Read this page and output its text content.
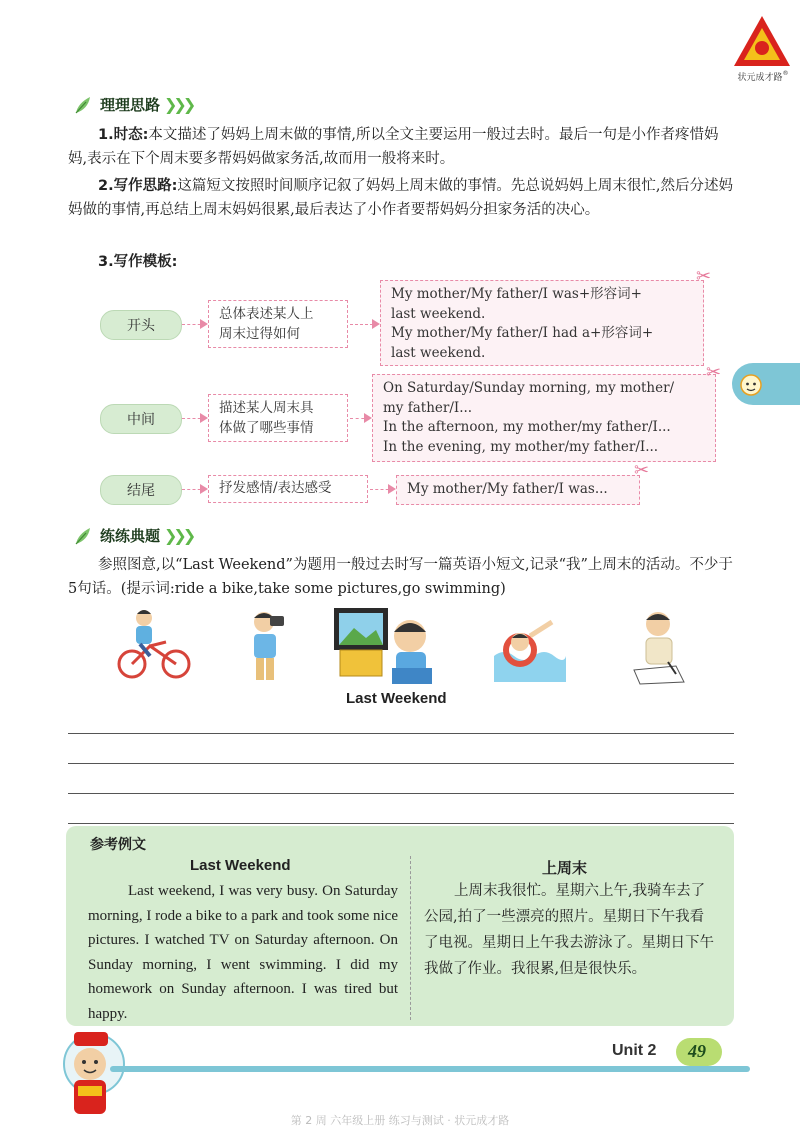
状元成才路®
理理思路 ❯❯❯
1.时态:本文描述了妈妈上周末做的事情,所以全文主要运用一般过去时。最后一句是小作者疼惜妈妈,表示在下个周末要多帮妈妈做家务活,故而用一般将来时。
2.写作思路:这篇短文按照时间顺序记叙了妈妈上周末做的事情。先总说妈妈上周末很忙,然后分述妈妈做的事情,再总结上周末妈妈很累,最后表达了小作者要帮妈妈分担家务活的决心。
3.写作模板:
开头
总体表述某人上
周末过得如何
My mother/My father/I was+形容词+
last weekend.
My mother/My father/I had a+形容词+
last weekend.
✂
中间
描述某人周末具
体做了哪些事情
On Saturday/Sunday morning, my mother/
my father/I...
In the afternoon, my mother/my father/I...
In the evening, my mother/my father/I...
✂
结尾	抒发感情/表达感受	My mother/My father/I was...
✂
练练典题 ❯❯❯
参照图意,以“Last Weekend”为题用一般过去时写一篇英语小短文,记录“我”上周末的活动。不少于5句话。(提示词:ride a bike,take some pictures,go swimming)
Last Weekend
参考例文
Last Weekend
Last weekend, I was very busy. On Saturday morning, I rode a bike to a park and took some nice pictures. I watched TV on Saturday afternoon. On Sunday morning, I went swimming. I did my homework on Sunday afternoon. I was tired but happy.
上周末
上周末我很忙。星期六上午,我骑车去了公园,拍了一些漂亮的照片。星期日下午我看了电视。星期日上午我去游泳了。星期日下午我做了作业。我很累,但是很快乐。
Unit 2 49
第 2 周 六年级上册 练习与测试 · 状元成才路
